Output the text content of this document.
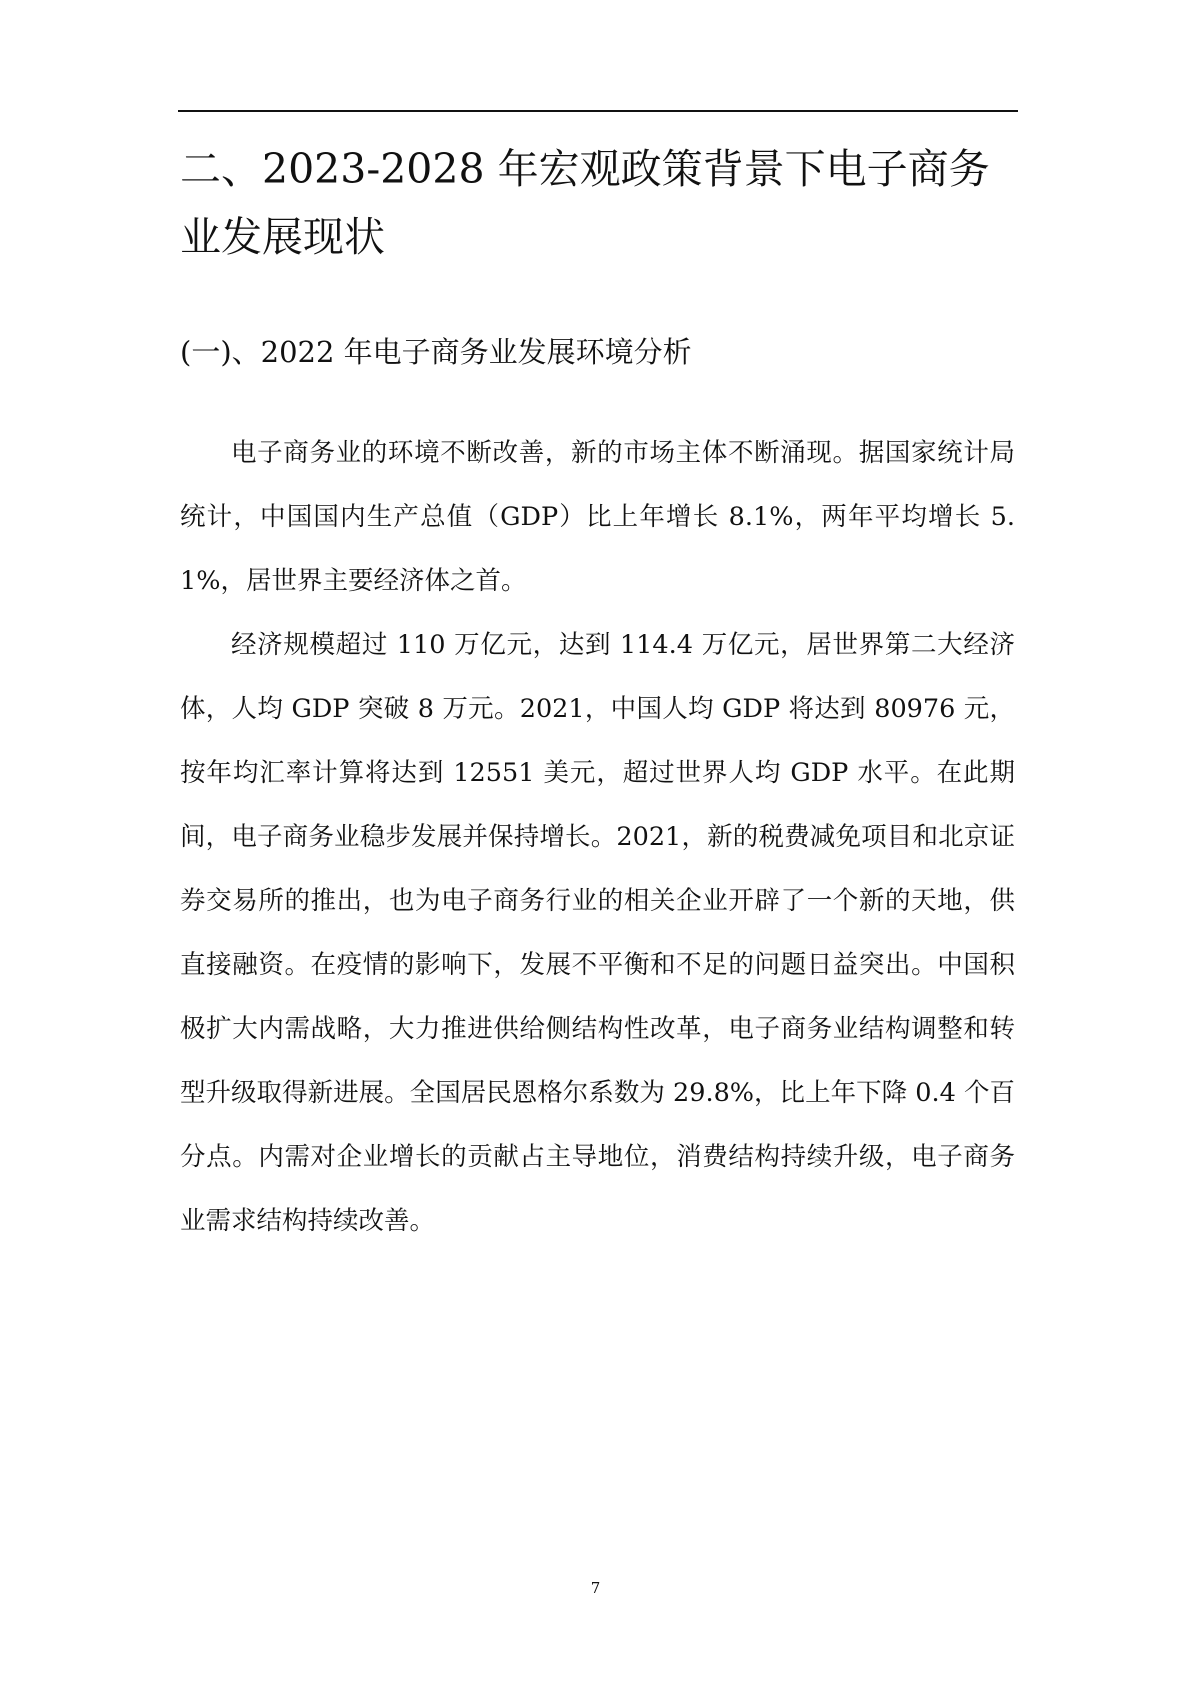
二、2023-2028 年宏观政策背景下电子商务业发展现状
(一)、2022 年电子商务业发展环境分析

电子商务业的环境不断改善，新的市场主体不断涌现。据国家统计局统计，中国国内生产总值（GDP）比上年增长 8.1%，两年平均增长 5.1%，居世界主要经济体之首。

经济规模超过 110 万亿元，达到 114.4 万亿元，居世界第二大经济体，人均 GDP 突破 8 万元。2021，中国人均 GDP 将达到 80976 元，按年均汇率计算将达到 12551 美元，超过世界人均 GDP 水平。在此期间，电子商务业稳步发展并保持增长。2021，新的税费减免项目和北京证券交易所的推出，也为电子商务行业的相关企业开辟了一个新的天地，供直接融资。在疫情的影响下，发展不平衡和不足的问题日益突出。中国积极扩大内需战略，大力推进供给侧结构性改革，电子商务业结构调整和转型升级取得新进展。全国居民恩格尔系数为 29.8%，比上年下降 0.4 个百分点。内需对企业增长的贡献占主导地位，消费结构持续升级，电子商务业需求结构持续改善。

7
